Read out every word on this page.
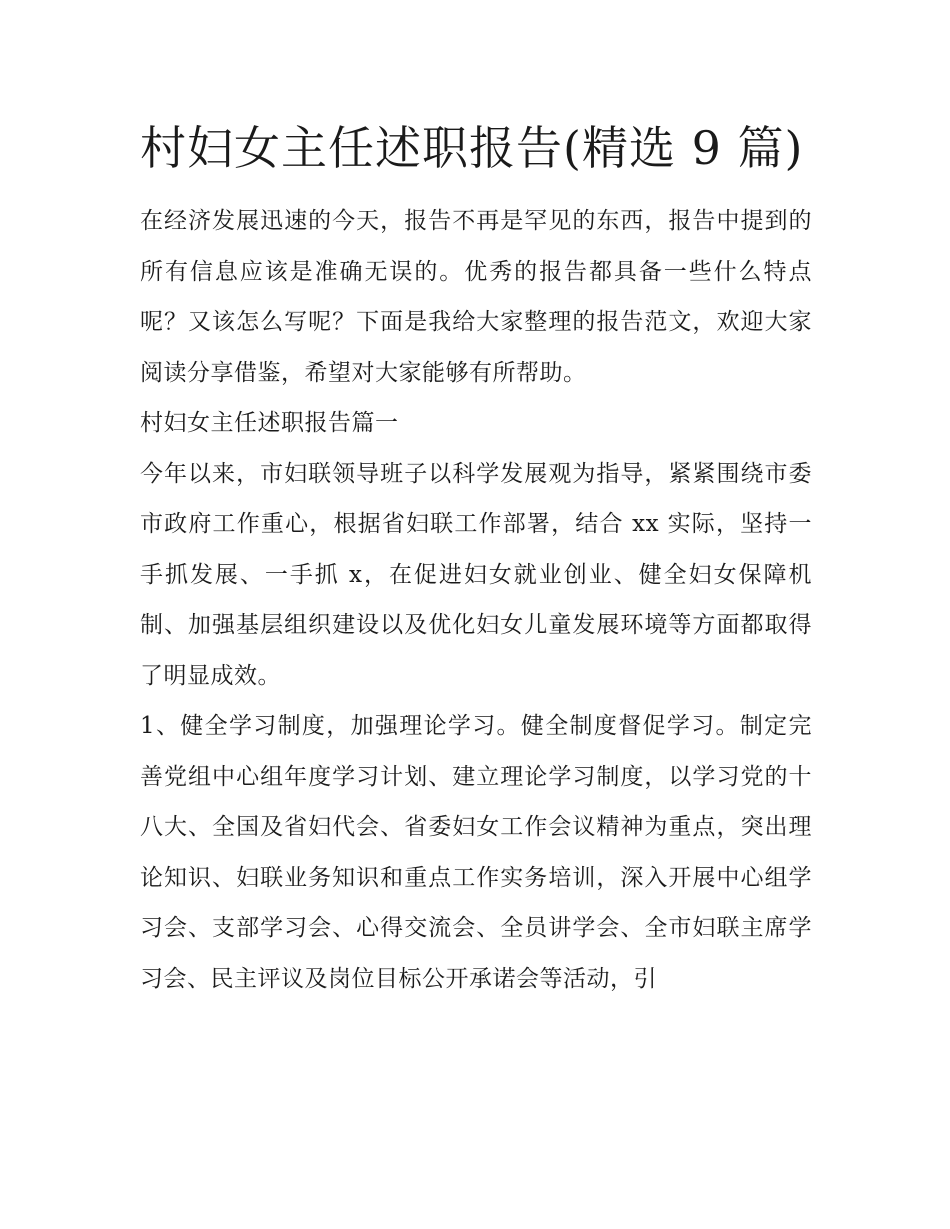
村妇女主任述职报告(精选 9 篇)

在经济发展迅速的今天，报告不再是罕见的东西，报告中提到的所有信息应该是准确无误的。优秀的报告都具备一些什么特点呢？又该怎么写呢？下面是我给大家整理的报告范文，欢迎大家阅读分享借鉴，希望对大家能够有所帮助。

村妇女主任述职报告篇一

今年以来，市妇联领导班子以科学发展观为指导，紧紧围绕市委市政府工作重心，根据省妇联工作部署，结合 xx 实际，坚持一手抓发展、一手抓 x，在促进妇女就业创业、健全妇女保障机制、加强基层组织建设以及优化妇女儿童发展环境等方面都取得了明显成效。

1、健全学习制度，加强理论学习。健全制度督促学习。制定完善党组中心组年度学习计划、建立理论学习制度，以学习党的十八大、全国及省妇代会、省委妇女工作会议精神为重点，突出理论知识、妇联业务知识和重点工作实务培训，深入开展中心组学习会、支部学习会、心得交流会、全员讲学会、全市妇联主席学习会、民主评议及岗位目标公开承诺会等活动，引
